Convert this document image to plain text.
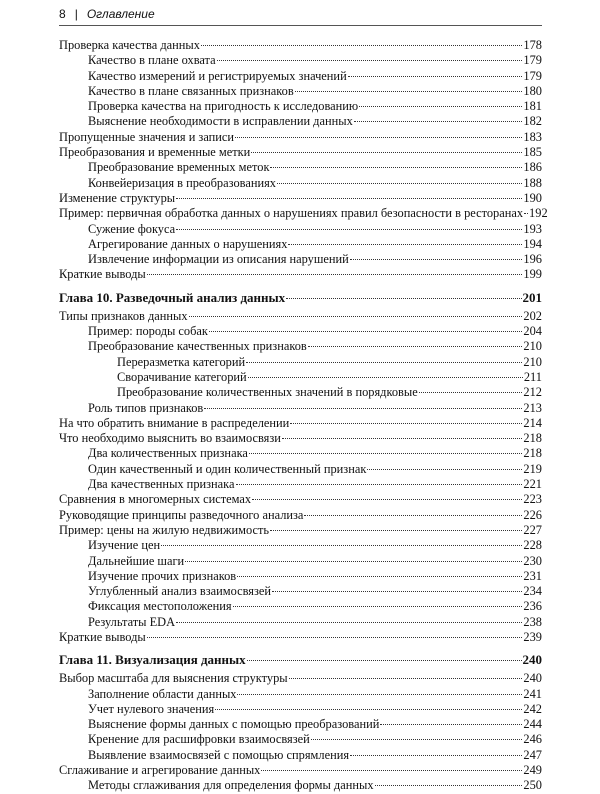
8 | Оглавление
Проверка качества данных	178
Качество в плане охвата	179
Качество измерений и регистрируемых значений	179
Качество в плане связанных признаков	180
Проверка качества на пригодность к исследованию	181
Выяснение необходимости в исправлении данных	182
Пропущенные значения и записи	183
Преобразования и временные метки	185
Преобразование временных меток	186
Конвейеризация в преобразованиях	188
Изменение структуры	190
Пример: первичная обработка данных о нарушениях правил безопасности в ресторанах 192
Сужение фокуса	193
Агрегирование данных о нарушениях	194
Извлечение информации из описания нарушений	196
Краткие выводы	199
Глава 10. Разведочный анализ данных	201
Типы признаков данных	202
Пример: породы собак	204
Преобразование качественных признаков	210
Переразметка категорий	210
Сворачивание категорий	211
Преобразование количественных значений в порядковые	212
Роль типов признаков	213
На что обратить внимание в распределении	214
Что необходимо выяснить во взаимосвязи	218
Два количественных признака	218
Один качественный и один количественный признак	219
Два качественных признака	221
Сравнения в многомерных системах	223
Руководящие принципы разведочного анализа	226
Пример: цены на жилую недвижимость	227
Изучение цен	228
Дальнейшие шаги	230
Изучение прочих признаков	231
Углубленный анализ взаимосвязей	234
Фиксация местоположения	236
Результаты EDA	238
Краткие выводы	239
Глава 11. Визуализация данных	240
Выбор масштаба для выяснения структуры	240
Заполнение области данных	241
Учет нулевого значения	242
Выяснение формы данных с помощью преобразований	244
Кренение для расшифровки взаимосвязей	246
Выявление взаимосвязей с помощью спрямления	247
Сглаживание и агрегирование данных	249
Методы сглаживания для определения формы данных	250
